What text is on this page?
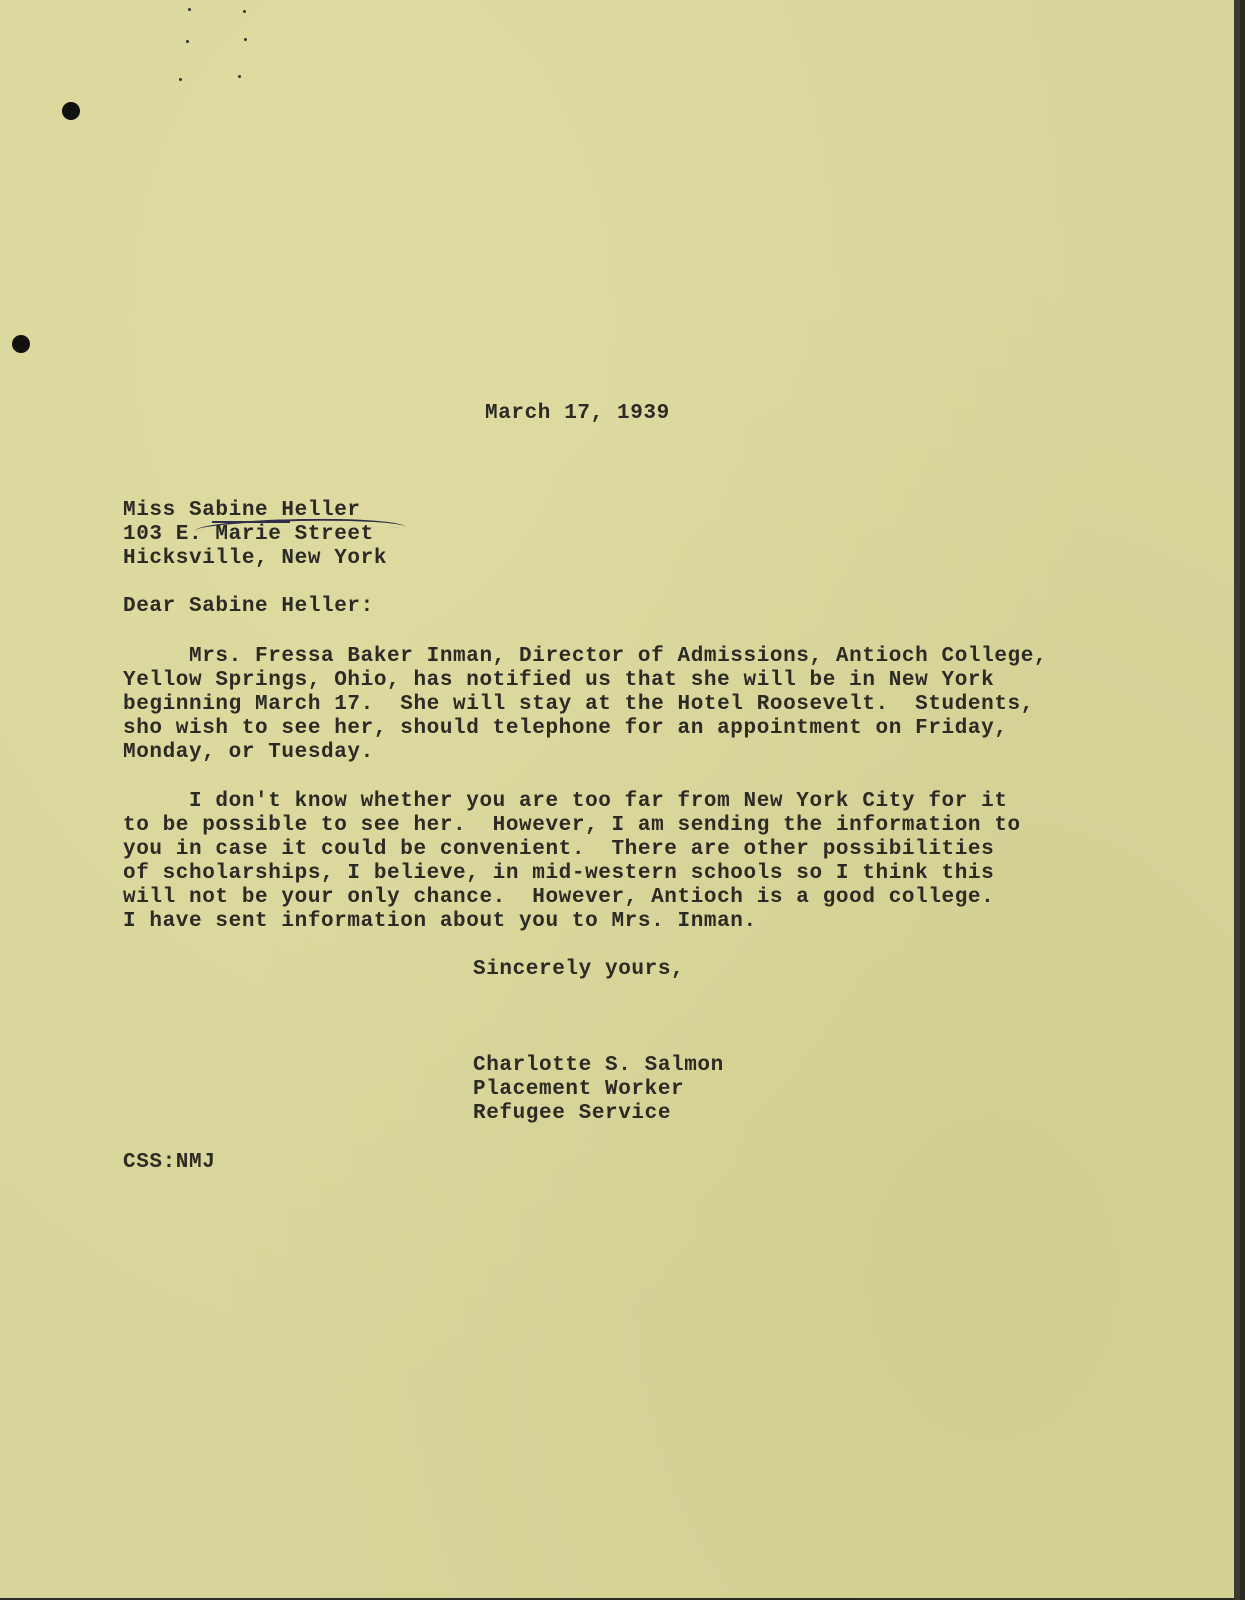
March 17, 1939
Miss Sabine Heller
103 E. Marie Street
Hicksville, New York
Dear Sabine Heller:
Mrs. Fressa Baker Inman, Director of Admissions, Antioch College,
Yellow Springs, Ohio, has notified us that she will be in New York
beginning March 17.  She will stay at the Hotel Roosevelt.  Students,
sho wish to see her, should telephone for an appointment on Friday,
Monday, or Tuesday.
I don't know whether you are too far from New York City for it
to be possible to see her.  However, I am sending the information to
you in case it could be convenient.  There are other possibilities
of scholarships, I believe, in mid-western schools so I think this
will not be your only chance.  However, Antioch is a good college.
I have sent information about you to Mrs. Inman.
Sincerely yours,
Charlotte S. Salmon
Placement Worker
Refugee Service
CSS:NMJ
